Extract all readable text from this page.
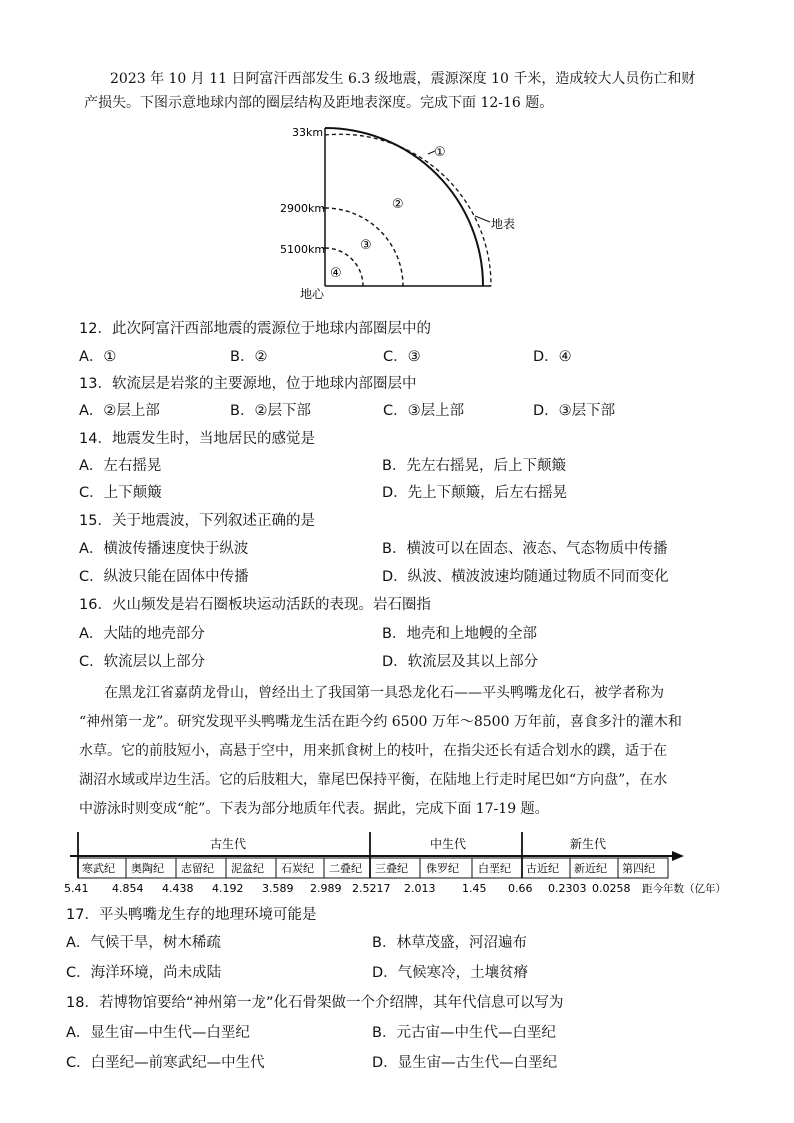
2023 年 10 月 11 日阿富汗西部发生 6.3 级地震，震源深度 10 千米，造成较大人员伤亡和财
产损失。下图示意地球内部的圈层结构及距地表深度。完成下面 12-16 题。
33km
2900km
5100km
地心
①
②
③
④
地表
12．此次阿富汗西部地震的震源位于地球内部圈层中的
A．①	B．②	C．③	D．④
13．软流层是岩浆的主要源地，位于地球内部圈层中
A．②层上部	B．②层下部	C．③层上部	D．③层下部
14．地震发生时，当地居民的感觉是
A．左右摇晃	B．先左右摇晃，后上下颠簸
C．上下颠簸	D．先上下颠簸，后左右摇晃
15．关于地震波，下列叙述正确的是
A．横波传播速度快于纵波	B．横波可以在固态、液态、气态物质中传播
C．纵波只能在固体中传播	D．纵波、横波波速均随通过物质不同而变化
16．火山频发是岩石圈板块运动活跃的表现。岩石圈指
A．大陆的地壳部分	B．地壳和上地幔的全部
C．软流层以上部分	D．软流层及其以上部分
在黑龙江省嘉荫龙骨山，曾经出土了我国第一具恐龙化石——平头鸭嘴龙化石，被学者称为
“神州第一龙”。研究发现平头鸭嘴龙生活在距今约 6500 万年～8500 万年前，喜食多汁的灌木和
水草。它的前肢短小，高悬于空中，用来抓食树上的枝叶，在指尖还长有适合划水的蹼，适于在
湖沼水域或岸边生活。它的后肢粗大，靠尾巴保持平衡，在陆地上行走时尾巴如“方向盘”，在水
中游泳时则变成“舵”。下表为部分地质年代表。据此，完成下面 17-19 题。
古生代	中生代	新生代
寒武纪 奥陶纪 志留纪 泥盆纪 石炭纪 二叠纪 三叠纪 侏罗纪 白垩纪 古近纪 新近纪 第四纪
5.41 4.854 4.438 4.192 3.589 2.989 2.5217 2.013 1.45 0.66 0.2303 0.0258 距今年数（亿年）
17．平头鸭嘴龙生存的地理环境可能是
A．气候干旱，树木稀疏	B．林草茂盛，河沼遍布
C．海洋环境，尚未成陆	D．气候寒冷，土壤贫瘠
18．若博物馆要给“神州第一龙”化石骨架做一个介绍牌，其年代信息可以写为
A．显生宙—中生代—白垩纪	B．元古宙—中生代—白垩纪
C．白垩纪—前寒武纪—中生代	D．显生宙—古生代—白垩纪
